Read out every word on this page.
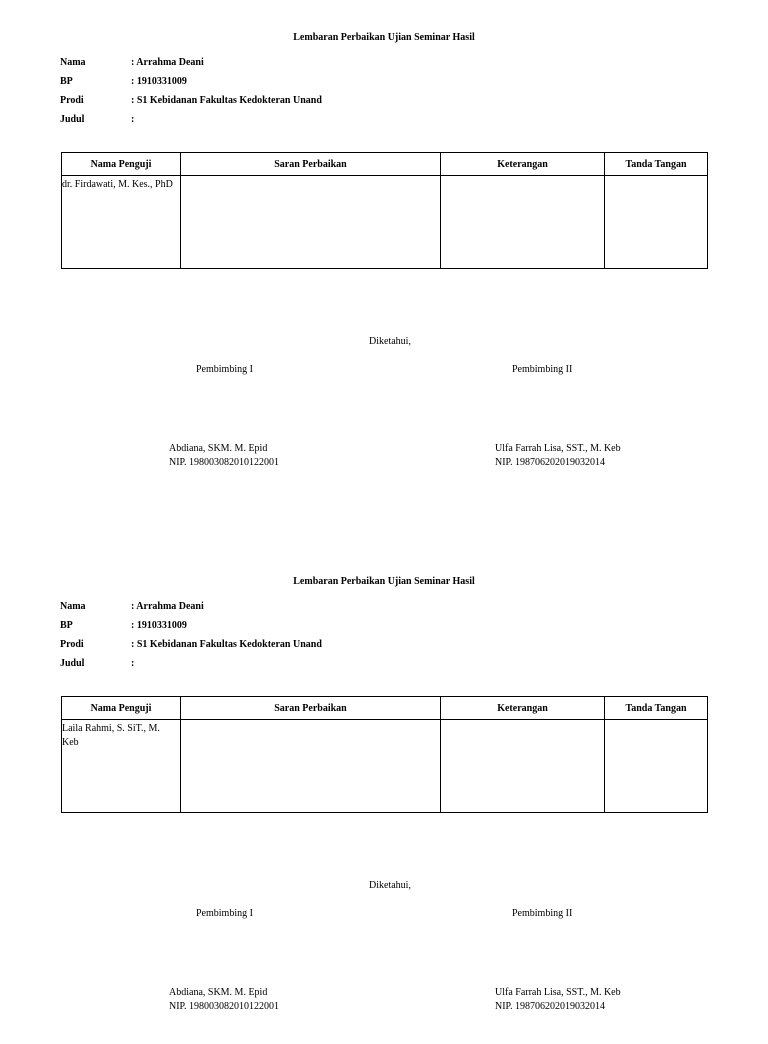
Lembaran Perbaikan Ujian Seminar Hasil
Nama	: Arrahma Deani
BP	: 1910331009
Prodi	: S1 Kebidanan Fakultas Kedokteran Unand
Judul	:
Nama Penguji	Saran Perbaikan	Keterangan	Tanda Tangan

dr. Firdawati, M. Kes., PhD			

Diketahui,
Pembimbing I	Pembimbing II
Abdiana, SKM. M. Epid
NIP. 198003082010122001
Ulfa Farrah Lisa, SST., M. Keb
NIP. 198706202019032014
Lembaran Perbaikan Ujian Seminar Hasil
Nama	: Arrahma Deani
BP	: 1910331009
Prodi	: S1 Kebidanan Fakultas Kedokteran Unand
Judul	:
Nama Penguji	Saran Perbaikan	Keterangan	Tanda Tangan

Laila Rahmi, S. SiT., M. Keb			

Diketahui,
Pembimbing I	Pembimbing II
Abdiana, SKM. M. Epid
NIP. 198003082010122001
Ulfa Farrah Lisa, SST., M. Keb
NIP. 198706202019032014
